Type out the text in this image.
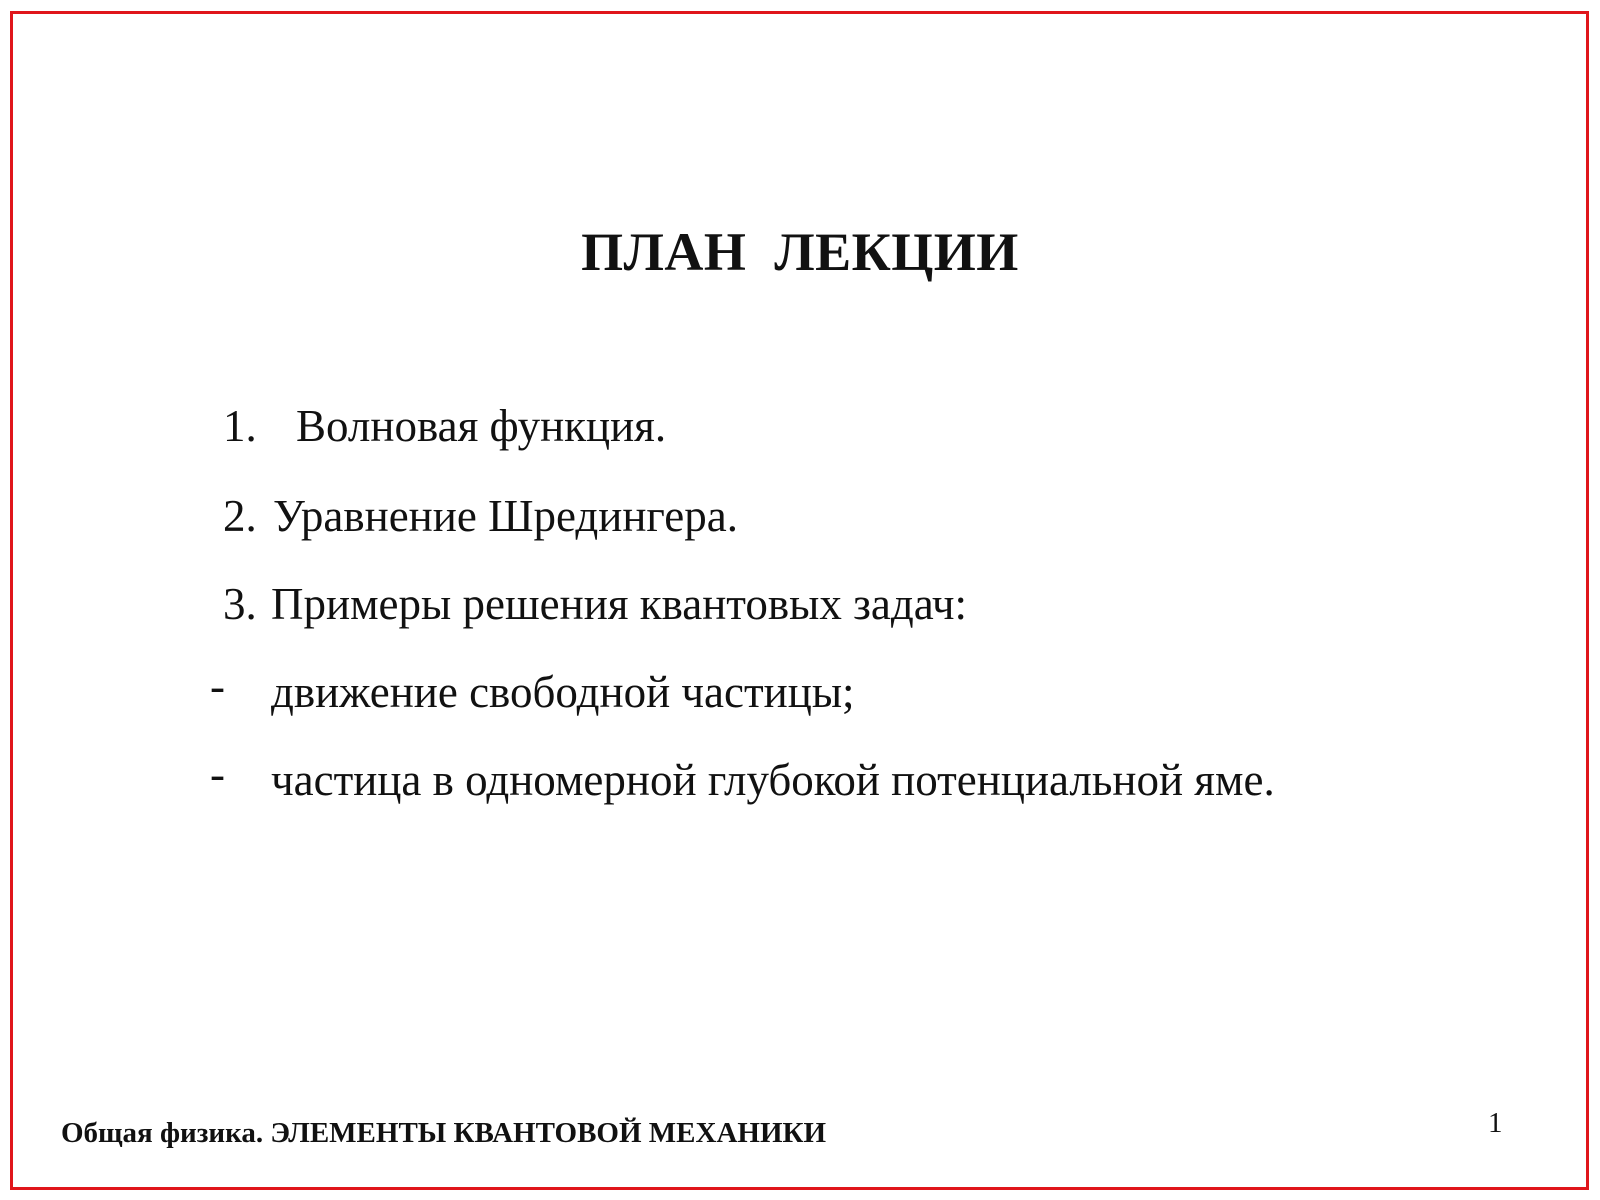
ПЛАН  ЛЕКЦИИ
1. Волновая функция.
2. Уравнение Шредингера.
3. Примеры решения квантовых задач:
- движение свободной частицы;
- частица в одномерной глубокой потенциальной яме.
Общая физика. ЭЛЕМЕНТЫ КВАНТОВОЙ МЕХАНИКИ	1
